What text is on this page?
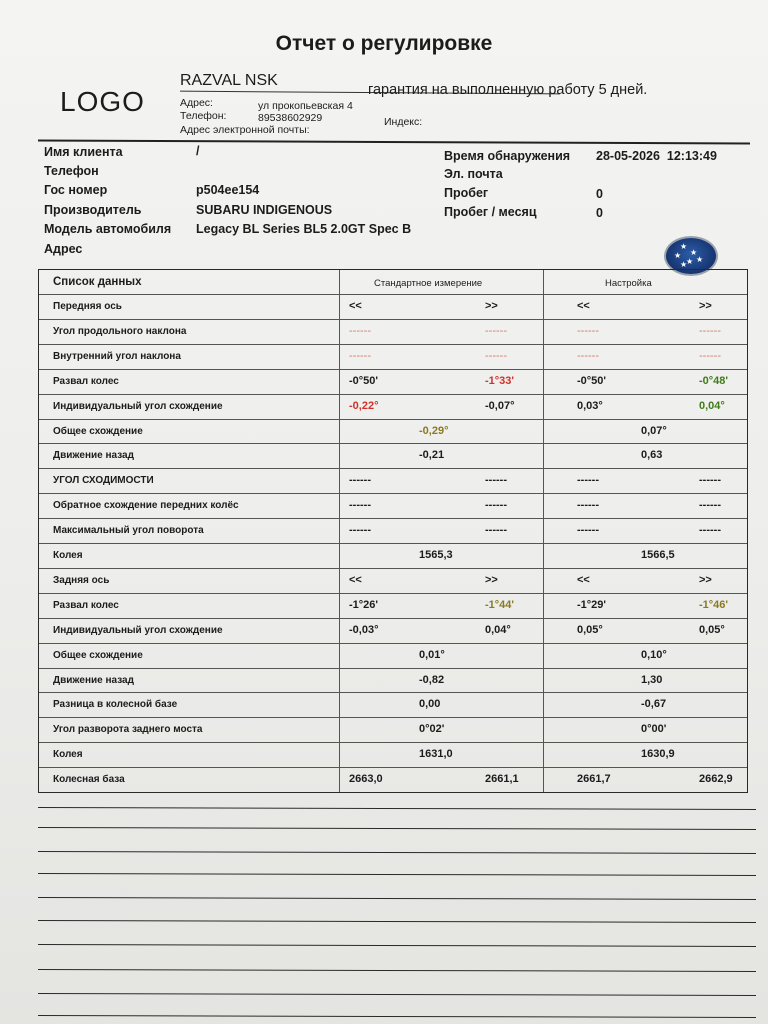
Отчет о регулировке
LOGO
RAZVAL NSK
гарантия на выполненную работу 5 дней.
Адрес:	ул прокопьевская 4
Телефон:	89538602929	Индекс:
Адрес электронной почты:
Имя клиента	/
Телефон
Гос номер	p504ee154
Производитель	SUBARU INDIGENOUS
Модель автомобиля Legacy BL Series BL5 2.0GT Spec B
Адрес
Время обнаружения 28-05-2026  12:13:49
Эл. почта
Пробег	0
Пробег / месяц	0
★
★
★
★ ★
★
Список данных	Стандартное измерение	Настройка
Передняя ось	<<	>>	<<	>>
Угол продольного наклона	------	------	------	------
Внутренний угол наклона	------	------	------	------
Развал колес	-0°50'	-1°33'	-0°50'	-0°48'
Индивидуальный угол схождение	-0,22°	-0,07°	0,03°	0,04°
Общее схождение	-0,29°	0,07°
Движение назад	-0,21	0,63
УГОЛ СХОДИМОСТИ	------	------	------	------
Обратное схождение передних колёс	------	------	------	------
Максимальный угол поворота	------	------	------	------
Колея	1565,3	1566,5
Задняя ось	<<	>>	<<	>>
Развал колес	-1°26'	-1°44'	-1°29'	-1°46'
Индивидуальный угол схождение	-0,03°	0,04°	0,05°	0,05°
Общее схождение	0,01°	0,10°
Движение назад	-0,82	1,30
Разница в колесной базе	0,00	-0,67
Угол разворота заднего моста	0°02'	0°00'
Колея	1631,0	1630,9
Колесная база	2663,0	2661,1	2661,7	2662,9
